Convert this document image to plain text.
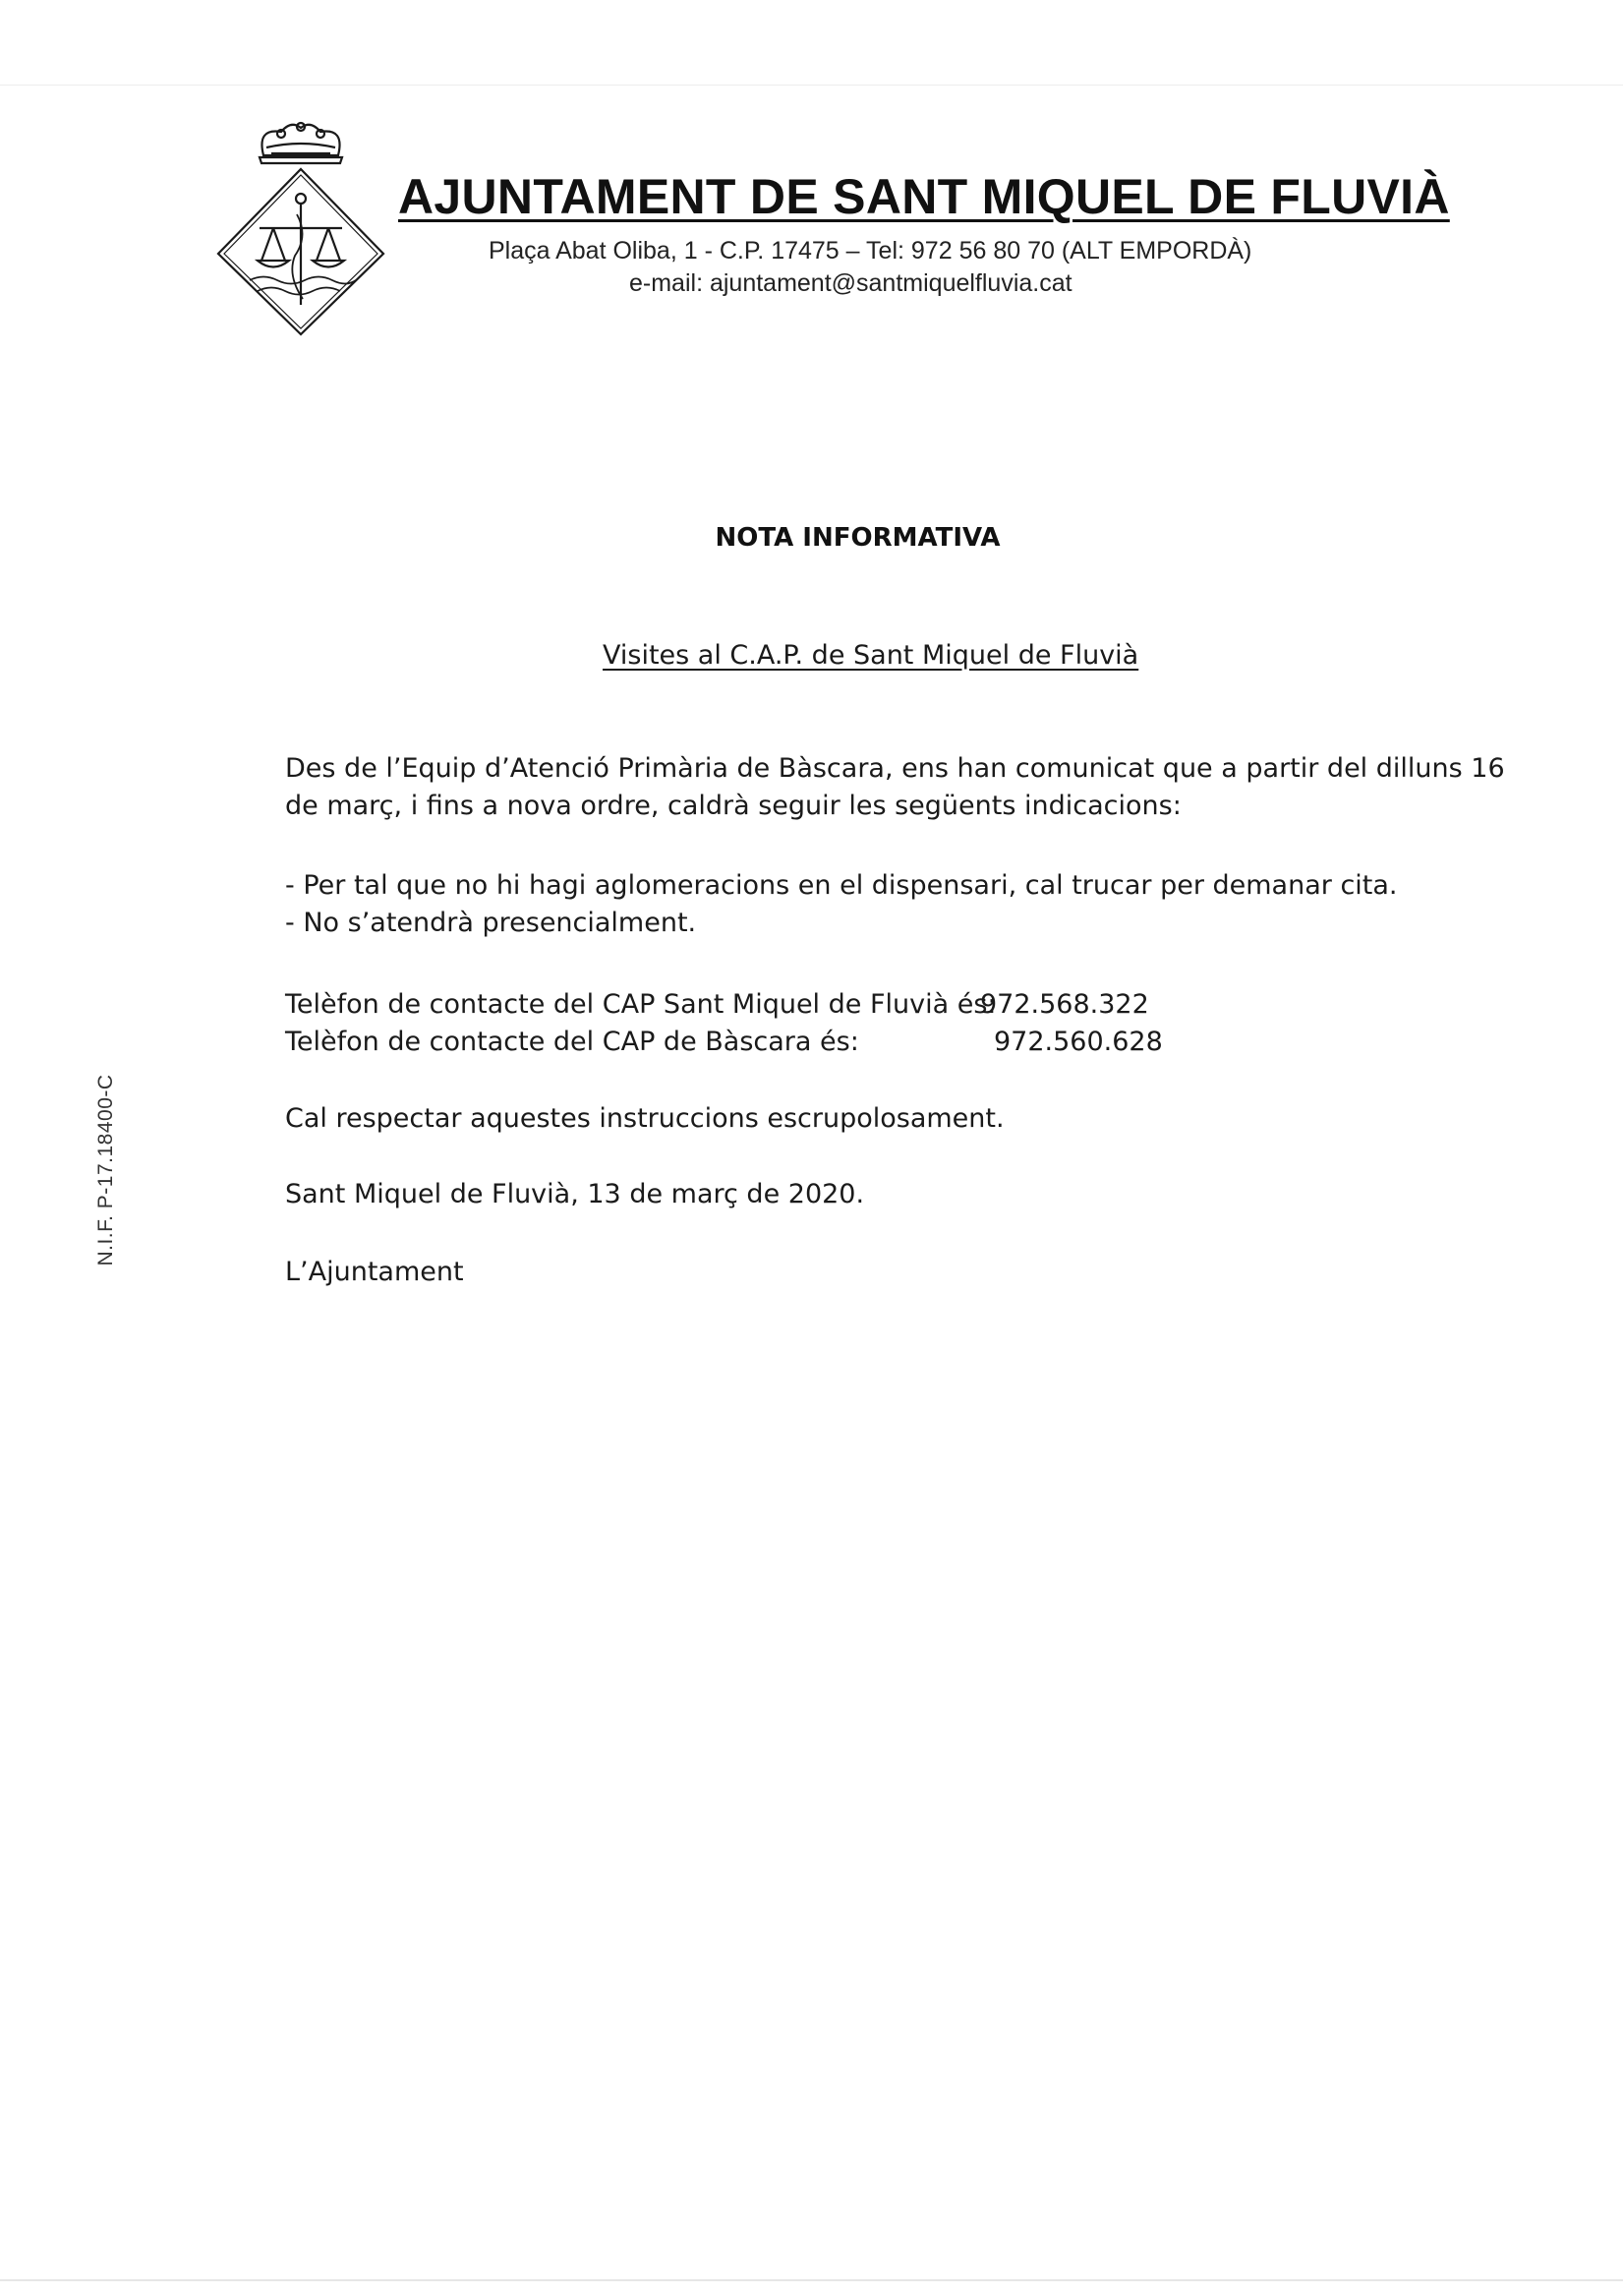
AJUNTAMENT DE SANT MIQUEL DE FLUVIÀ
Plaça Abat Oliba, 1 - C.P. 17475 – Tel: 972 56 80 70 (ALT EMPORDÀ)
e-mail: ajuntament@santmiquelfluvia.cat
NOTA INFORMATIVA
Visites al C.A.P. de Sant Miquel de Fluvià
Des de l’Equip d’Atenció Primària de Bàscara, ens han comunicat que a partir del dilluns 16
de març, i fins a nova ordre, caldrà seguir les següents indicacions:
- Per tal que no hi hagi aglomeracions en el dispensari, cal trucar per demanar cita.
- No s’atendrà presencialment.
Telèfon de contacte del CAP Sant Miquel de Fluvià és:
972.568.322
Telèfon de contacte del CAP de Bàscara és:	972.560.628
Cal respectar aquestes instruccions escrupolosament.
Sant Miquel de Fluvià, 13 de març de 2020.
L’Ajuntament
N.I.F. P-17.18400-C
